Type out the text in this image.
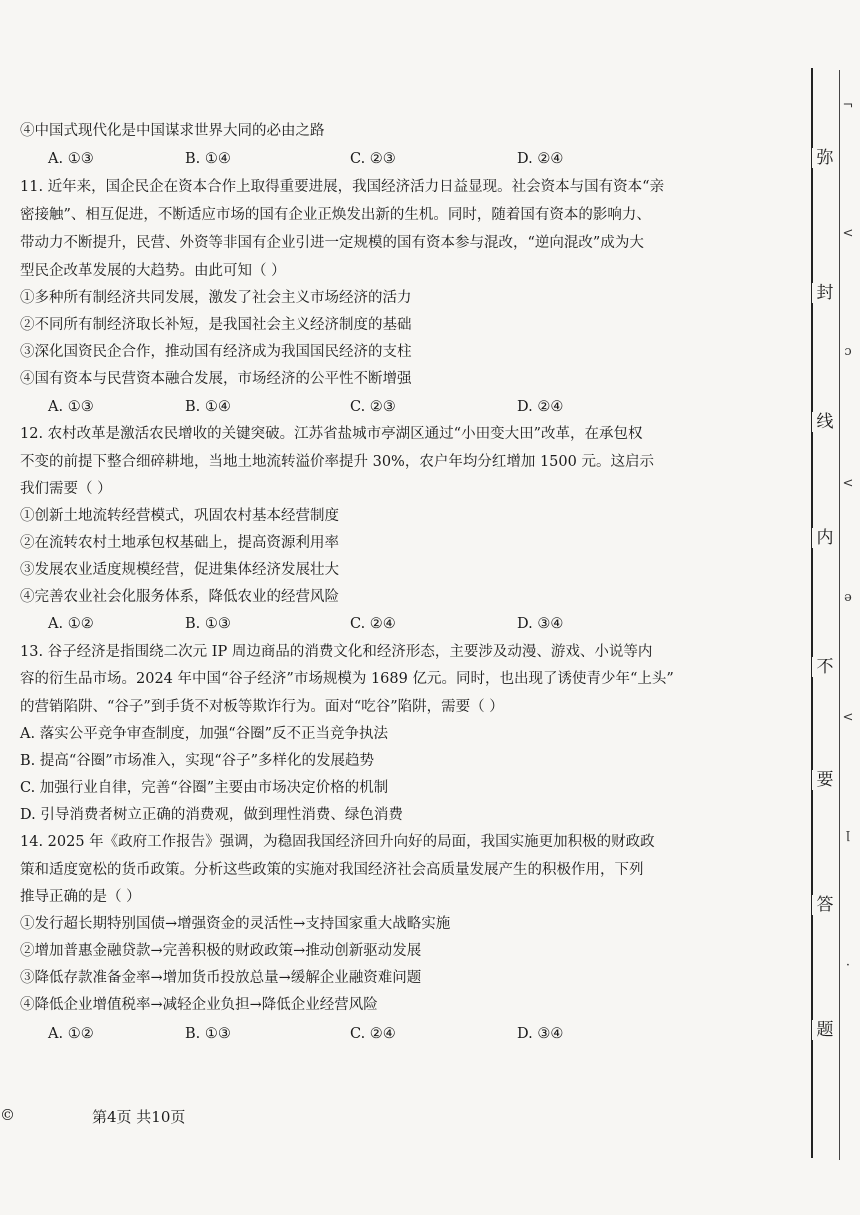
④中国式现代化是中国谋求世界大同的必由之路
A. ①③	B. ①④	C. ②③	D. ②④
11. 近年来，国企民企在资本合作上取得重要进展，我国经济活力日益显现。社会资本与国有资本“亲
密接触”、相互促进，不断适应市场的国有企业正焕发出新的生机。同时，随着国有资本的影响力、
带动力不断提升，民营、外资等非国有企业引进一定规模的国有资本参与混改，“逆向混改”成为大
型民企改革发展的大趋势。由此可知（ ）
①多种所有制经济共同发展，激发了社会主义市场经济的活力
②不同所有制经济取长补短，是我国社会主义经济制度的基础
③深化国资民企合作，推动国有经济成为我国国民经济的支柱
④国有资本与民营资本融合发展，市场经济的公平性不断增强
A. ①③	B. ①④	C. ②③	D. ②④
12. 农村改革是激活农民增收的关键突破。江苏省盐城市亭湖区通过“小田变大田”改革，在承包权
不变的前提下整合细碎耕地，当地土地流转溢价率提升 30%，农户年均分红增加 1500 元。这启示
我们需要（ ）
①创新土地流转经营模式，巩固农村基本经营制度
②在流转农村土地承包权基础上，提高资源利用率
③发展农业适度规模经营，促进集体经济发展壮大
④完善农业社会化服务体系，降低农业的经营风险
A. ①②	B. ①③	C. ②④	D. ③④
13. 谷子经济是指围绕二次元 IP 周边商品的消费文化和经济形态，主要涉及动漫、游戏、小说等内
容的衍生品市场。2024 年中国“谷子经济”市场规模为 1689 亿元。同时，也出现了诱使青少年“上头”
的营销陷阱、“谷子”到手货不对板等欺诈行为。面对“吃谷”陷阱，需要（ ）
A. 落实公平竞争审查制度，加强“谷圈”反不正当竞争执法
B. 提高“谷圈”市场准入，实现“谷子”多样化的发展趋势
C. 加强行业自律，完善“谷圈”主要由市场决定价格的机制
D. 引导消费者树立正确的消费观，做到理性消费、绿色消费
14. 2025 年《政府工作报告》强调，为稳固我国经济回升向好的局面，我国实施更加积极的财政政
策和适度宽松的货币政策。分析这些政策的实施对我国经济社会高质量发展产生的积极作用，下列
推导正确的是（ ）
①发行超长期特别国债→增强资金的灵活性→支持国家重大战略实施
②增加普惠金融贷款→完善积极的财政政策→推动创新驱动发展
③降低存款准备金率→增加货币投放总量→缓解企业融资难问题
④降低企业增值税率→减轻企业负担→降低企业经营风险
A. ①②	B. ①③	C. ②④	D. ③④
©	第4页 共10页
弥
封
线
内
不
要
答
题
¬
<
ɔ
<
ǝ
<
ꞁ
·
